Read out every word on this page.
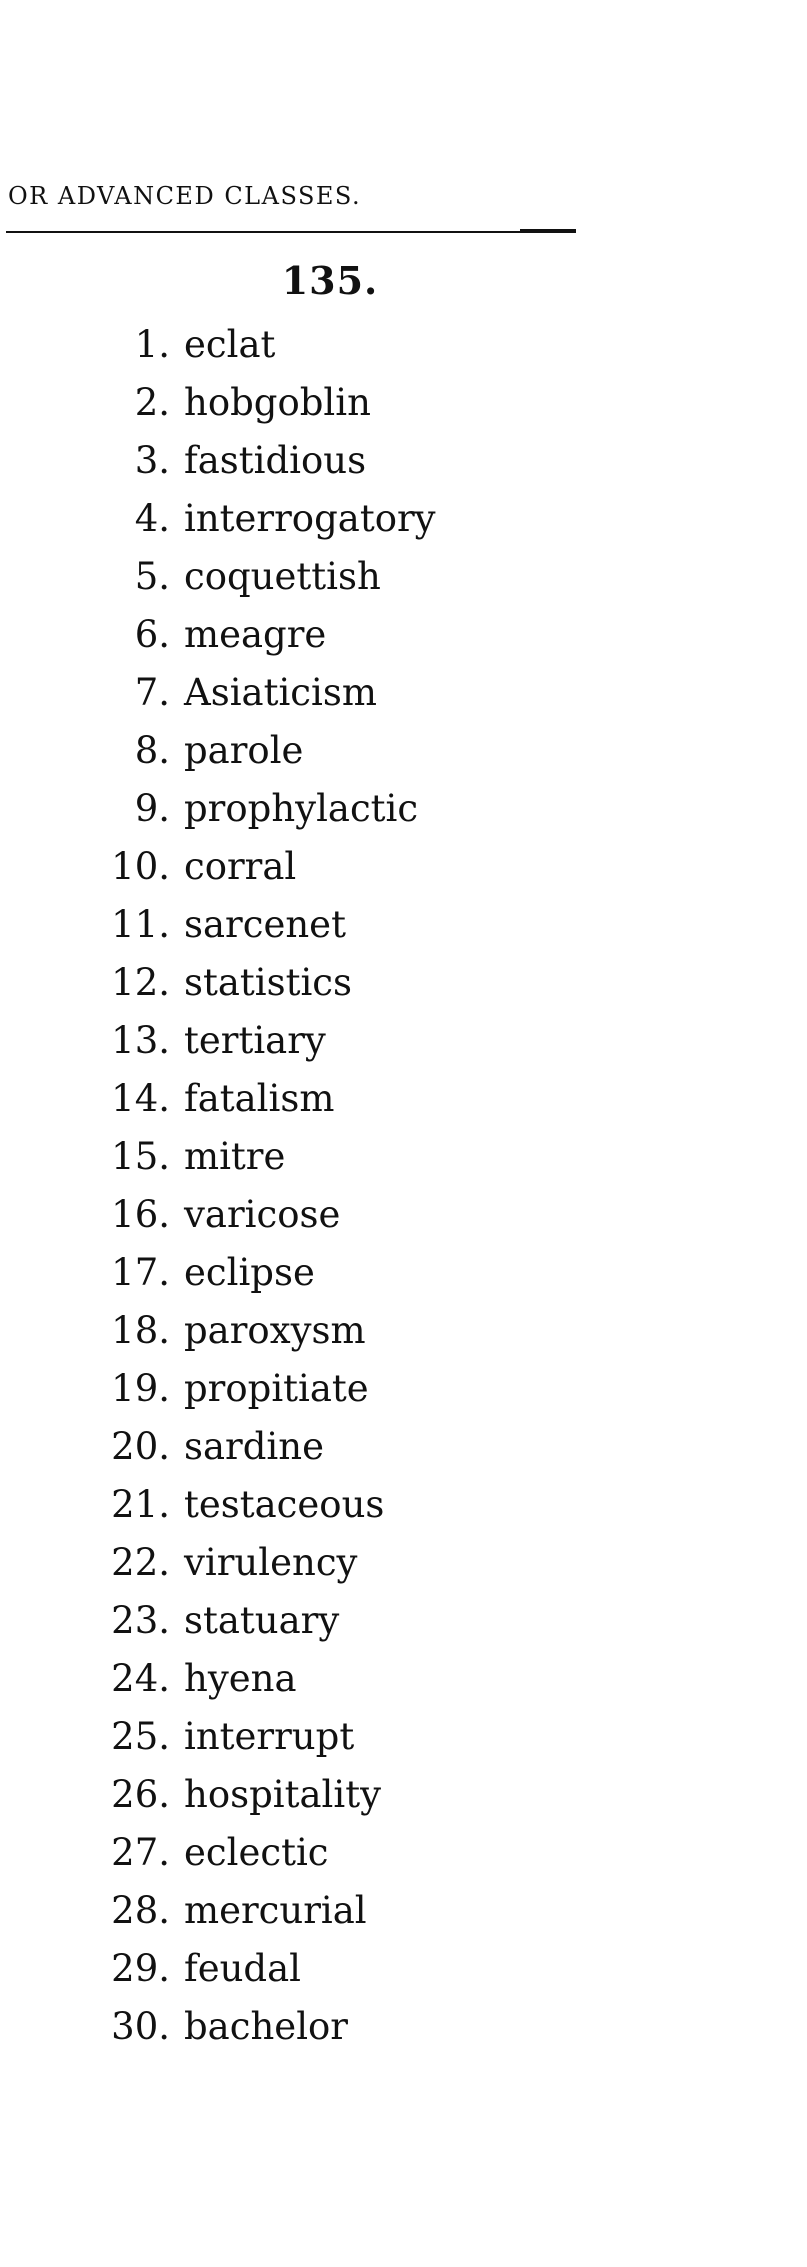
OR ADVANCED CLASSES.
135.
1. eclat
2. hobgoblin
3. fastidious
4. interrogatory
5. coquettish
6. meagre
7. Asiaticism
8. parole
9. prophylactic
10. corral
11. sarcenet
12. statistics
13. tertiary
14. fatalism
15. mitre
16. varicose
17. eclipse
18. paroxysm
19. propitiate
20. sardine
21. testaceous
22. virulency
23. statuary
24. hyena
25. interrupt
26. hospitality
27. eclectic
28. mercurial
29. feudal
30. bachelor
